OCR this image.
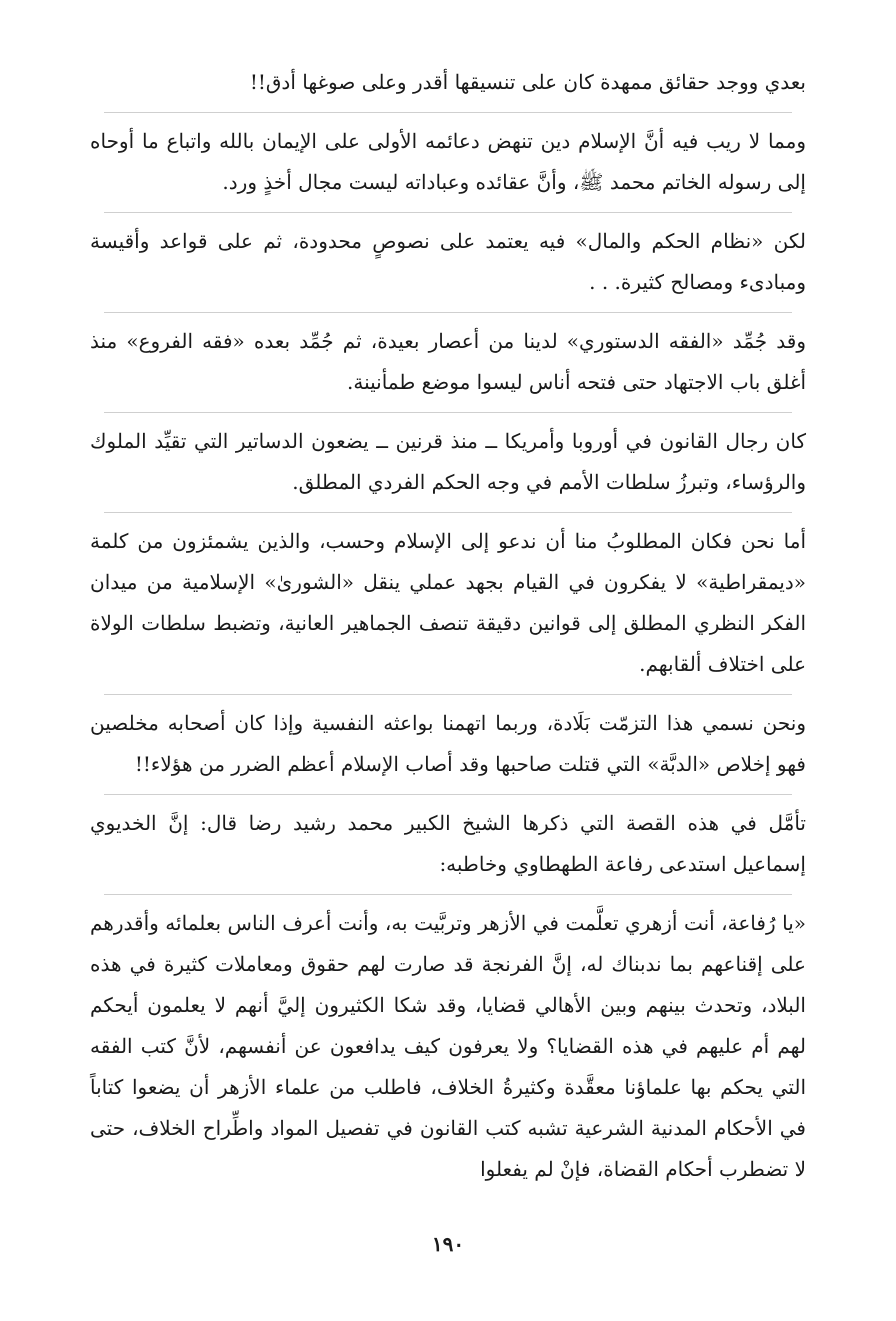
بعدي ووجد حقائق ممهدة كان على تنسيقها أقدر وعلى صوغها أدق!!

ومما لا ريب فيه أنَّ الإسلام دين تنهض دعائمه الأولى على الإيمان بالله واتباع ما أوحاه إلى رسوله الخاتم محمد ﷺ، وأنَّ عقائده وعباداته ليست مجال أخذٍ ورد.

لكن «نظام الحكم والمال» فيه يعتمد على نصوصٍ محدودة، ثم على قواعد وأقيسة ومبادىء ومصالح كثيرة. . .

وقد جُمِّد «الفقه الدستوري» لدينا من أعصار بعيدة، ثم جُمِّد بعده «فقه الفروع» منذ أغلق باب الاجتهاد حتى فتحه أناس ليسوا موضع طمأنينة.

كان رجال القانون في أوروبا وأمريكا ــ منذ قرنين ــ يضعون الدساتير التي تقيِّد الملوك والرؤساء، وتبرزُ سلطات الأمم في وجه الحكم الفردي المطلق.

أما نحن فكان المطلوبُ منا أن ندعو إلى الإسلام وحسب، والذين يشمئزون من كلمة «ديمقراطية» لا يفكرون في القيام بجهد عملي ينقل «الشورىٰ» الإسلامية من ميدان الفكر النظري المطلق إلى قوانين دقيقة تنصف الجماهير العانية، وتضبط سلطات الولاة على اختلاف ألقابهم.

ونحن نسمي هذا التزمّت بَلَادة، وربما اتهمنا بواعثه النفسية وإذا كان أصحابه مخلصين فهو إخلاص «الدبَّة» التي قتلت صاحبها وقد أصاب الإسلام أعظم الضرر من هؤلاء!!

تأمَّل في هذه القصة التي ذكرها الشيخ الكبير محمد رشيد رضا قال: إنَّ الخديوي إسماعيل استدعى رفاعة الطهطاوي وخاطبه:

«يا رُفاعة، أنت أزهري تعلَّمت في الأزهر وتربَّيت به، وأنت أعرف الناس بعلمائه وأقدرهم على إقناعهم بما ندبناك له، إنَّ الفرنجة قد صارت لهم حقوق ومعاملات كثيرة في هذه البلاد، وتحدث بينهم وبين الأهالي قضايا، وقد شكا الكثيرون إليَّ أنهم لا يعلمون أيحكم لهم أم عليهم في هذه القضايا؟ ولا يعرفون كيف يدافعون عن أنفسهم، لأنَّ كتب الفقه التي يحكم بها علماؤنا معقَّدة وكثيرةُ الخلاف، فاطلب من علماء الأزهر أن يضعوا كتاباً في الأحكام المدنية الشرعية تشبه كتب القانون في تفصيل المواد واطِّراح الخلاف، حتى لا تضطرب أحكام القضاة، فإنْ لم يفعلوا

١٩٠
